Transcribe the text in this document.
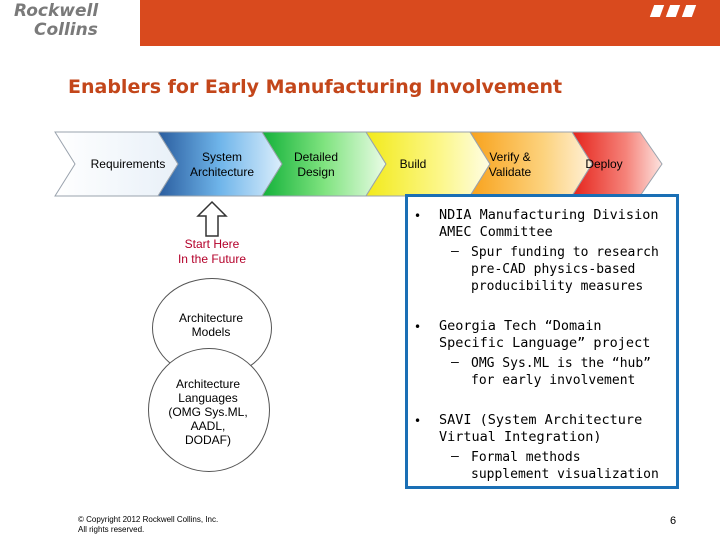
Rockwell
Collins
Enablers for Early Manufacturing Involvement
Requirements	System
Architecture
Detailed
Design
Build	Verify &
Validate
Deploy
Start Here
In the Future
Architecture
Models
Architecture
Languages
(OMG Sys.ML,
AADL,
DODAF)
• NDIA Manufacturing Division
AMEC Committee
– Spur funding to research
pre-CAD physics-based
producibility measures
• Georgia Tech “Domain
Specific Language” project
– OMG Sys.ML is the “hub”
for early involvement
• SAVI (System Architecture
Virtual Integration)
– Formal methods
supplement visualization
© Copyright 2012 Rockwell Collins, Inc.
All rights reserved.
6
